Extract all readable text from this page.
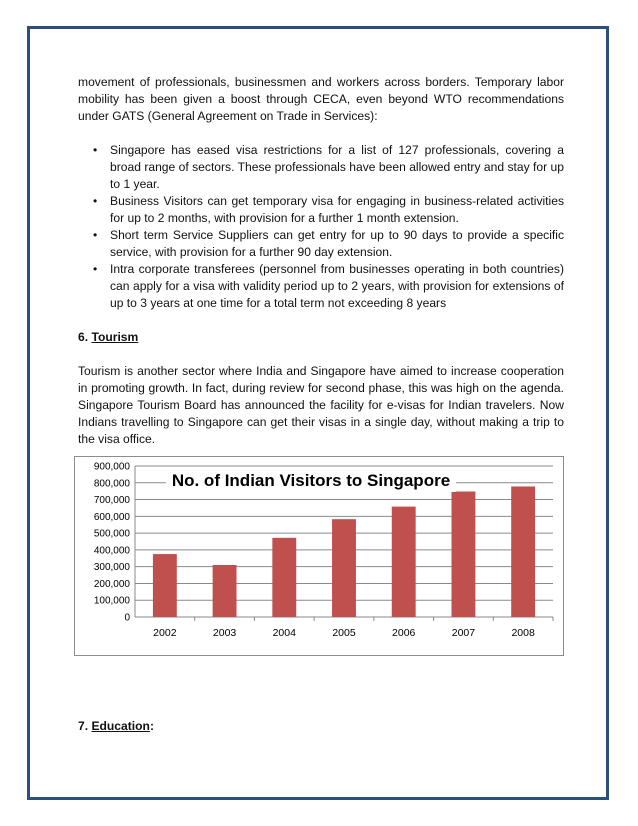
movement of professionals, businessmen and workers across borders. Temporary labor mobility has been given a boost through CECA, even beyond WTO recommendations under GATS (General Agreement on Trade in Services):

• Singapore has eased visa restrictions for a list of 127 professionals, covering a broad range of sectors. These professionals have been allowed entry and stay for up to 1 year.
• Business Visitors can get temporary visa for engaging in business-related activities for up to 2 months, with provision for a further 1 month extension.
• Short term Service Suppliers can get entry for up to 90 days to provide a specific service, with provision for a further 90 day extension.
• Intra corporate transferees (personnel from businesses operating in both countries) can apply for a visa with validity period up to 2 years, with provision for extensions of up to 3 years at one time for a total term not exceeding 8 years

6. Tourism

Tourism is another sector where India and Singapore have aimed to increase cooperation in promoting growth. In fact, during review for second phase, this was high on the agenda. Singapore Tourism Board has announced the facility for e-visas for Indian travelers. Now Indians travelling to Singapore can get their visas in a single day, without making a trip to the visa office.

0
100,000
200,000
300,000
400,000
500,000
600,000
700,000
800,000
900,000
2002	2003	2004	2005	2006	2007	2008
No. of Indian Visitors to Singapore
7. Education:
